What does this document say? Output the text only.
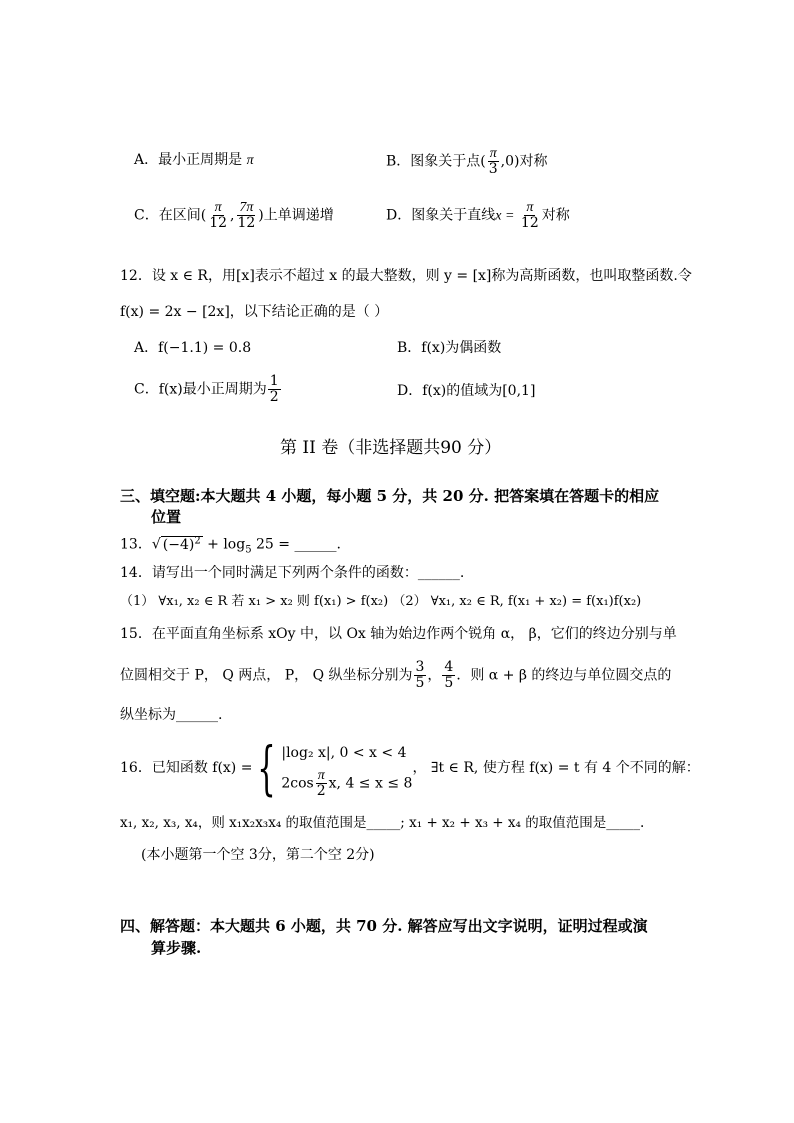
A．最小正周期是 π	B．图象关于点( $\frac{\pi}{3} ,0$)对称
C．在区间( $\frac{\pi}{12}$ , $\frac{7\pi}{12}$ )上单调递增	D．图象关于直线$x = \frac{\pi}{12}$ 对称
12．设 x ∈ R，用[x]表示不超过 x 的最大整数，则 y = [x]称为高斯函数，也叫取整函数.令
f(x) = 2x − [2x]，以下结论正确的是（ ）
A．f(−1.1) = 0.8	B．f(x)为偶函数
C．f(x)最小正周期为 $\frac{1}{2}$	D．f(x)的值域为[0,1]
第 II 卷（非选择题共90 分）
三、填空题:本大题共 4 小题，每小题 5 分，共 20 分. 把答案填在答题卡的相应
位置
13．√ $(-4)^2 + \log_5 25$ = ______.
14．请写出一个同时满足下列两个条件的函数：______.
（1） ∀x₁, x₂ ∈ R 若 x₁ > x₂ 则 f(x₁) > f(x₂) （2） ∀x₁, x₂ ∈ R, f(x₁ + x₂) = f(x₁)f(x₂)
15．在平面直角坐标系 xOy 中，以 Ox 轴为始边作两个锐角 α， β，它们的终边分别与单
位圆相交于 P， Q 两点， P， Q 纵坐标分别为 $\frac{3}{5}$ ， $\frac{4}{5}$ ．则 α + β 的终边与单位圆交点的
纵坐标为______.
16．已知函数 f(x) = { |log₂ x|, 0 < x < 4
$2\cos \frac{\pi}{2} x$, 4 ≤ x ≤ 8
， ∃t ∈ R, 使方程 f(x) = t 有 4 个不同的解：
x₁, x₂, x₃, x₄，则 x₁x₂x₃x₄ 的取值范围是_____; x₁ + x₂ + x₃ + x₄ 的取值范围是_____.
(本小题第一个空 3分，第二个空 2分)
四、解答题：本大题共 6 小题，共 70 分. 解答应写出文字说明，证明过程或演
算步骤.
